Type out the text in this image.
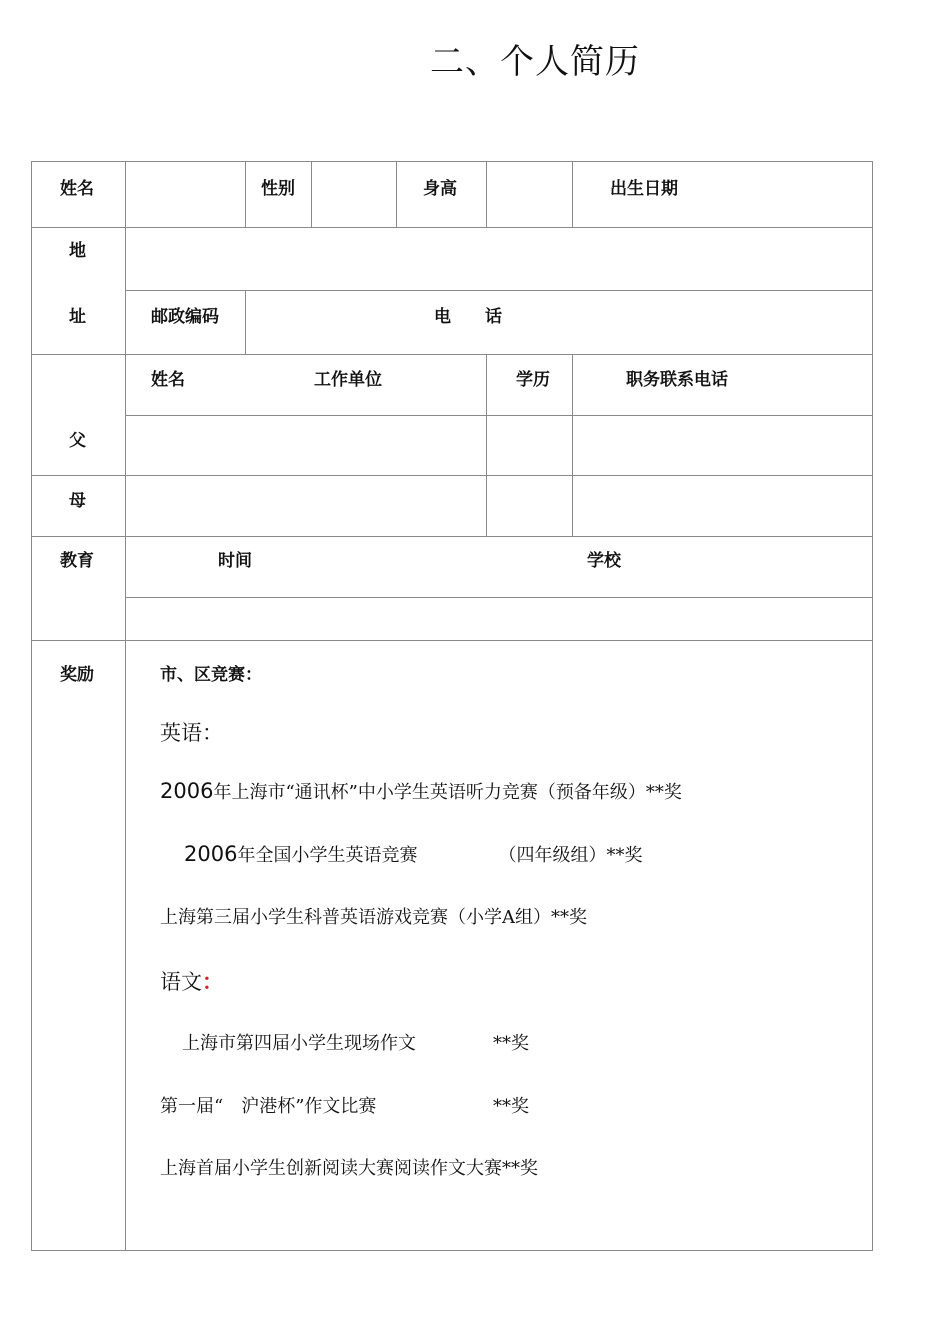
二、个人简历
姓名	性别	身高	出生日期
地
址	邮政编码	电　　话
姓名	工作单位	学历	职务联系电话
父
母
教育	时间	学校
奖励	市、区竞赛：
英语：
2006年上海市“通讯杯”中小学生英语听力竞赛（预备年级）**奖
2006年全国小学生英语竞赛　　　　　（四年级组）**奖
上海第三届小学生科普英语游戏竞赛（小学A组）**奖
语文：
上海市第四届小学生现场作文	**奖
第一届“　沪港杯”作文比赛	**奖
上海首届小学生创新阅读大赛阅读作文大赛**奖
